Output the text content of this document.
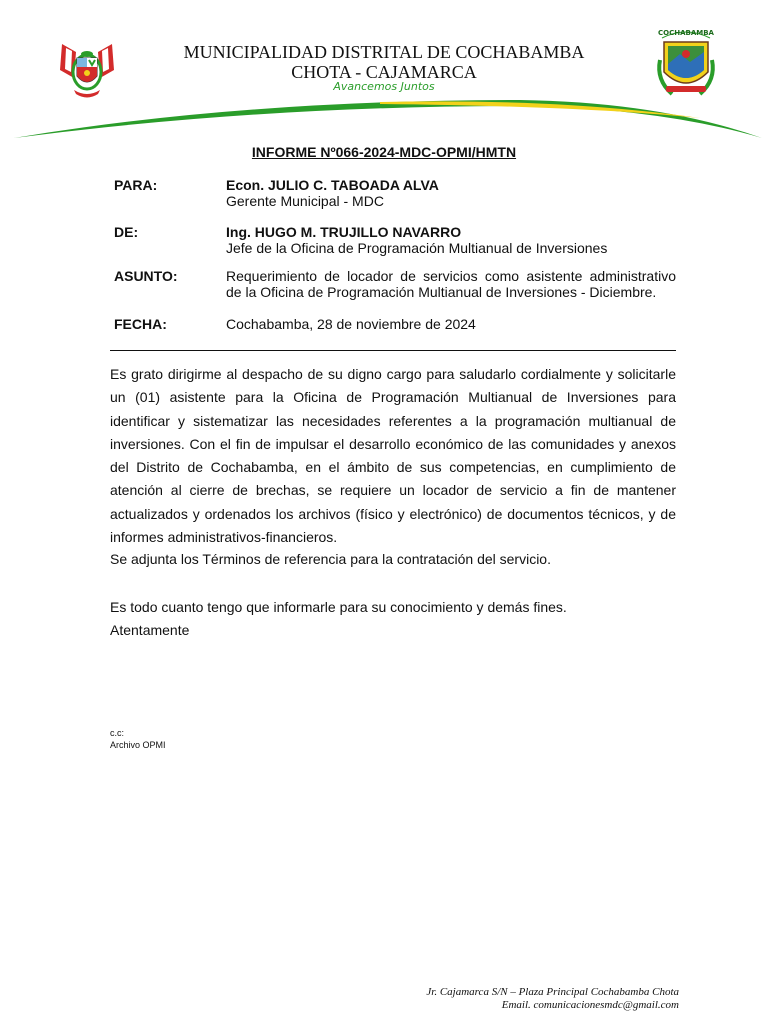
MUNICIPALIDAD DISTRITAL DE COCHABAMBA
CHOTA - CAJAMARCA
Avancemos Juntos
COCHABAMBA
INFORME Nº066-2024-MDC-OPMI/HMTN
PARA:	Econ. JULIO C. TABOADA ALVA
Gerente Municipal - MDC
DE:	Ing. HUGO M. TRUJILLO NAVARRO
Jefe de la Oficina de Programación Multianual de Inversiones
ASUNTO:	Requerimiento de locador de servicios como asistente administrativo
de la Oficina de Programación Multianual de Inversiones - Diciembre.
FECHA:	Cochabamba, 28 de noviembre de 2024
Es grato dirigirme al despacho de su digno cargo para saludarlo cordialmente y solicitarle un (01) asistente para la Oficina de Programación Multianual de Inversiones para identificar y sistematizar las necesidades referentes a la programación multianual de inversiones. Con el fin de impulsar el desarrollo económico de las comunidades y anexos del Distrito de Cochabamba, en el ámbito de sus competencias, en cumplimiento de atención al cierre de brechas, se requiere un locador de servicio a fin de mantener actualizados y ordenados los archivos (físico y electrónico) de documentos técnicos, y de informes administrativos-financieros.
Se adjunta los Términos de referencia para la contratación del servicio.
Es todo cuanto tengo que informarle para su conocimiento y demás fines.
Atentamente
c.c:
Archivo OPMI
Jr. Cajamarca S/N – Plaza Principal Cochabamba Chota
Email. comunicacionesmdc@gmail.com
